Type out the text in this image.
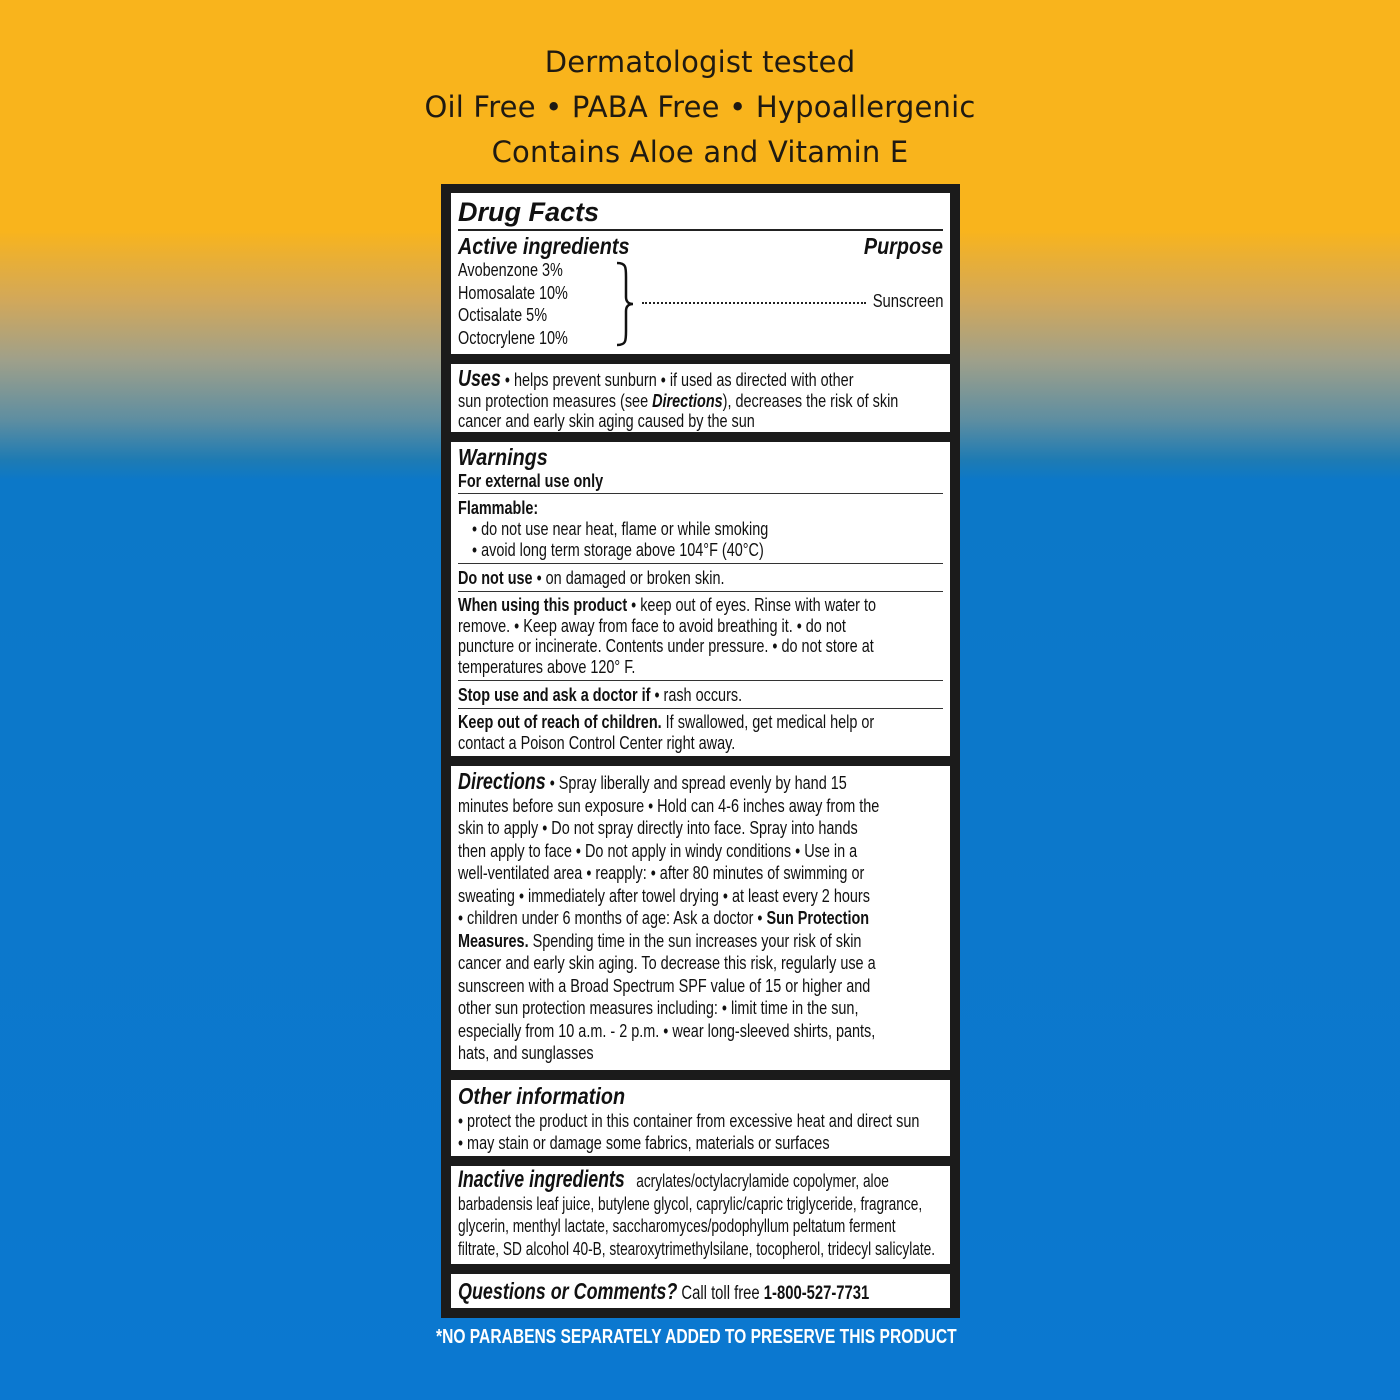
Dermatologist tested
Oil Free • PABA Free • Hypoallergenic
Contains Aloe and Vitamin E
Drug Facts
Active ingredients	Purpose
Avobenzone 3%
Homosalate 10%
Octisalate 5%
Octocrylene 10%
Sunscreen
Uses • helps prevent sunburn • if used as directed with other
sun protection measures (see Directions), decreases the risk of skin
cancer and early skin aging caused by the sun
Warnings
For external use only
Flammable:
• do not use near heat, flame or while smoking
• avoid long term storage above 104°F (40°C)
Do not use • on damaged or broken skin.
When using this product • keep out of eyes. Rinse with water to
remove. • Keep away from face to avoid breathing it. • do not
puncture or incinerate. Contents under pressure. • do not store at
temperatures above 120° F.
Stop use and ask a doctor if • rash occurs.
Keep out of reach of children. If swallowed, get medical help or
contact a Poison Control Center right away.
Directions • Spray liberally and spread evenly by hand 15
minutes before sun exposure • Hold can 4-6 inches away from the
skin to apply • Do not spray directly into face. Spray into hands
then apply to face • Do not apply in windy conditions • Use in a
well-ventilated area • reapply: • after 80 minutes of swimming or
sweating • immediately after towel drying • at least every 2 hours
• children under 6 months of age: Ask a doctor • Sun Protection
Measures. Spending time in the sun increases your risk of skin
cancer and early skin aging. To decrease this risk, regularly use a
sunscreen with a Broad Spectrum SPF value of 15 or higher and
other sun protection measures including: • limit time in the sun,
especially from 10 a.m. - 2 p.m. • wear long-sleeved shirts, pants,
hats, and sunglasses
Other information
• protect the product in this container from excessive heat and direct sun
• may stain or damage some fabrics, materials or surfaces
Inactive ingredients acrylates/octylacrylamide copolymer, aloe
barbadensis leaf juice, butylene glycol, caprylic/capric triglyceride, fragrance,
glycerin, menthyl lactate, saccharomyces/podophyllum peltatum ferment
filtrate, SD alcohol 40-B, stearoxytrimethylsilane, tocopherol, tridecyl salicylate.
Questions or Comments? Call toll free 1-800-527-7731
*NO PARABENS SEPARATELY ADDED TO PRESERVE THIS PRODUCT
